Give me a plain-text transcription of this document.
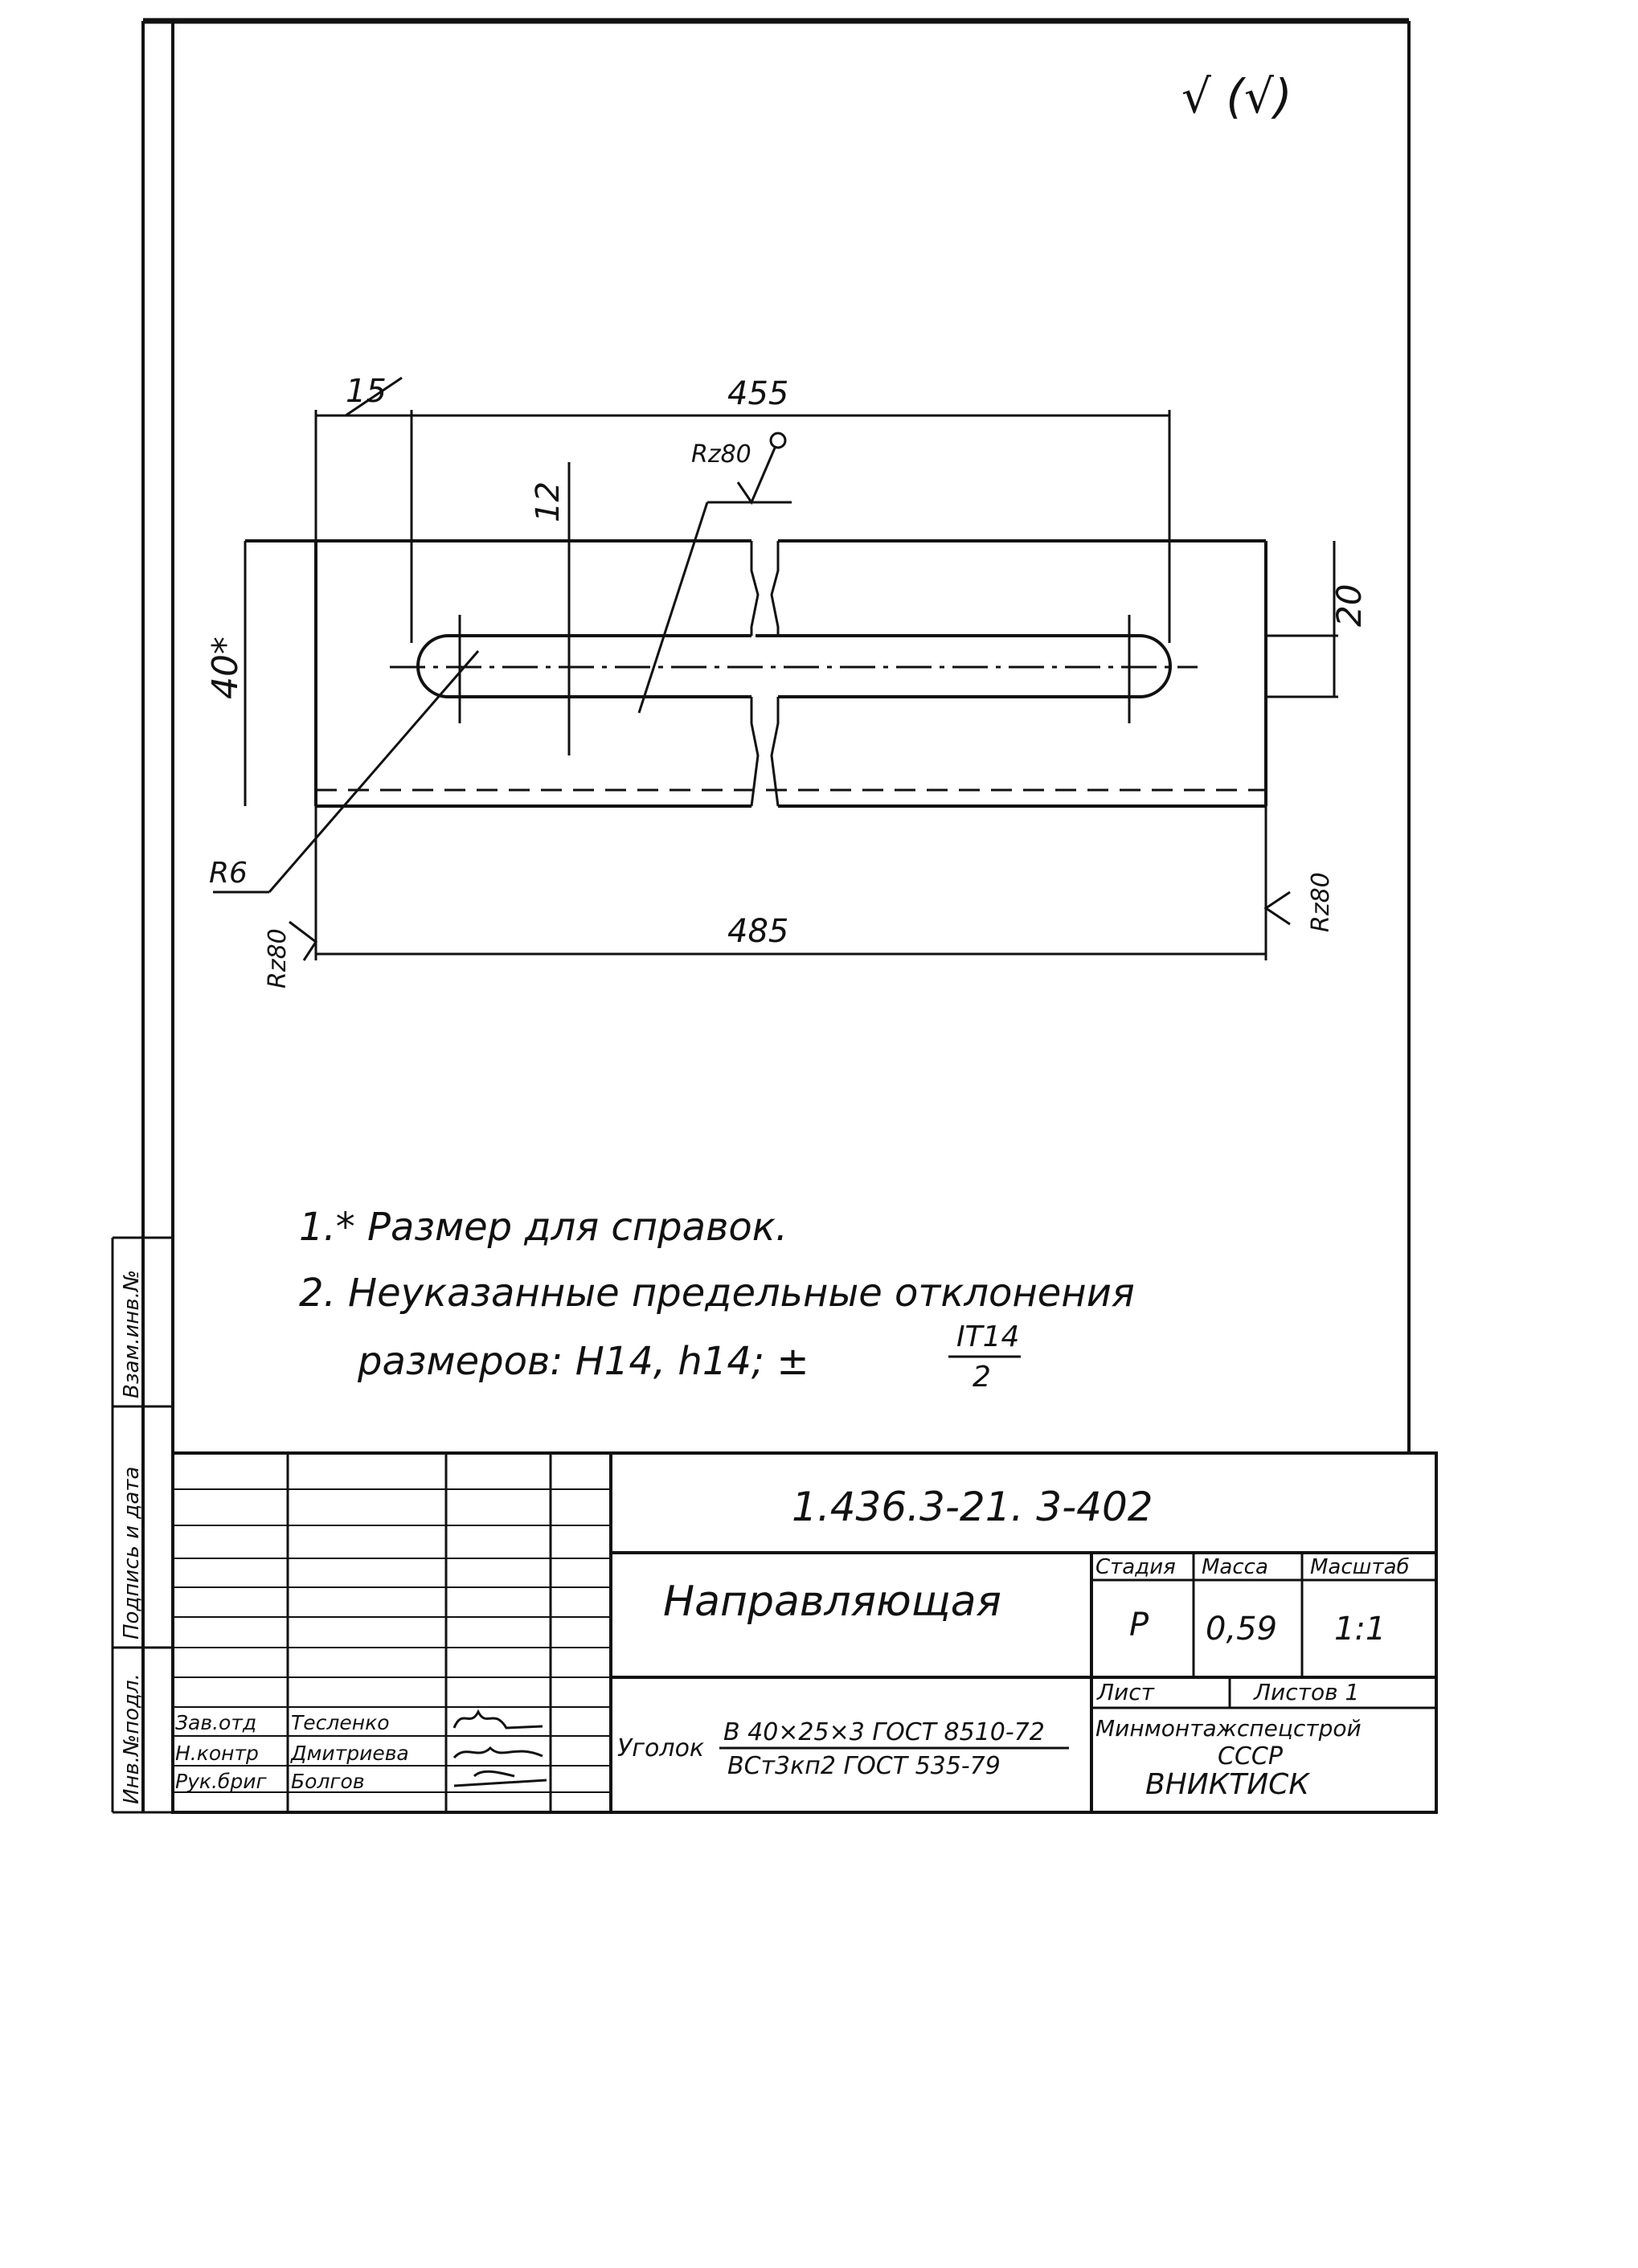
√ (√)
15	455
12
40*
20
485
R6
Rz80
Rz80
Rz80
1.* Размер для справок.
2. Неуказанные предельные отклонения
размеров: H14, h14; ±
IT14
2
Взам.инв.№
Подпись и дата
Инв.№подл.
1.436.3-21. 3-402
Направляющая
Стадия Масса Масштаб
Р 0,59 1:1
Лист	Листов 1
Уголок
В 40×25×3 ГОСТ 8510-72
ВСт3кп2 ГОСТ 535-79
Минмонтажспецстрой
СССР
ВНИКТИСК
Зав.отд Тесленко
Н.контр Дмитриева
Рук.бриг Болгов
